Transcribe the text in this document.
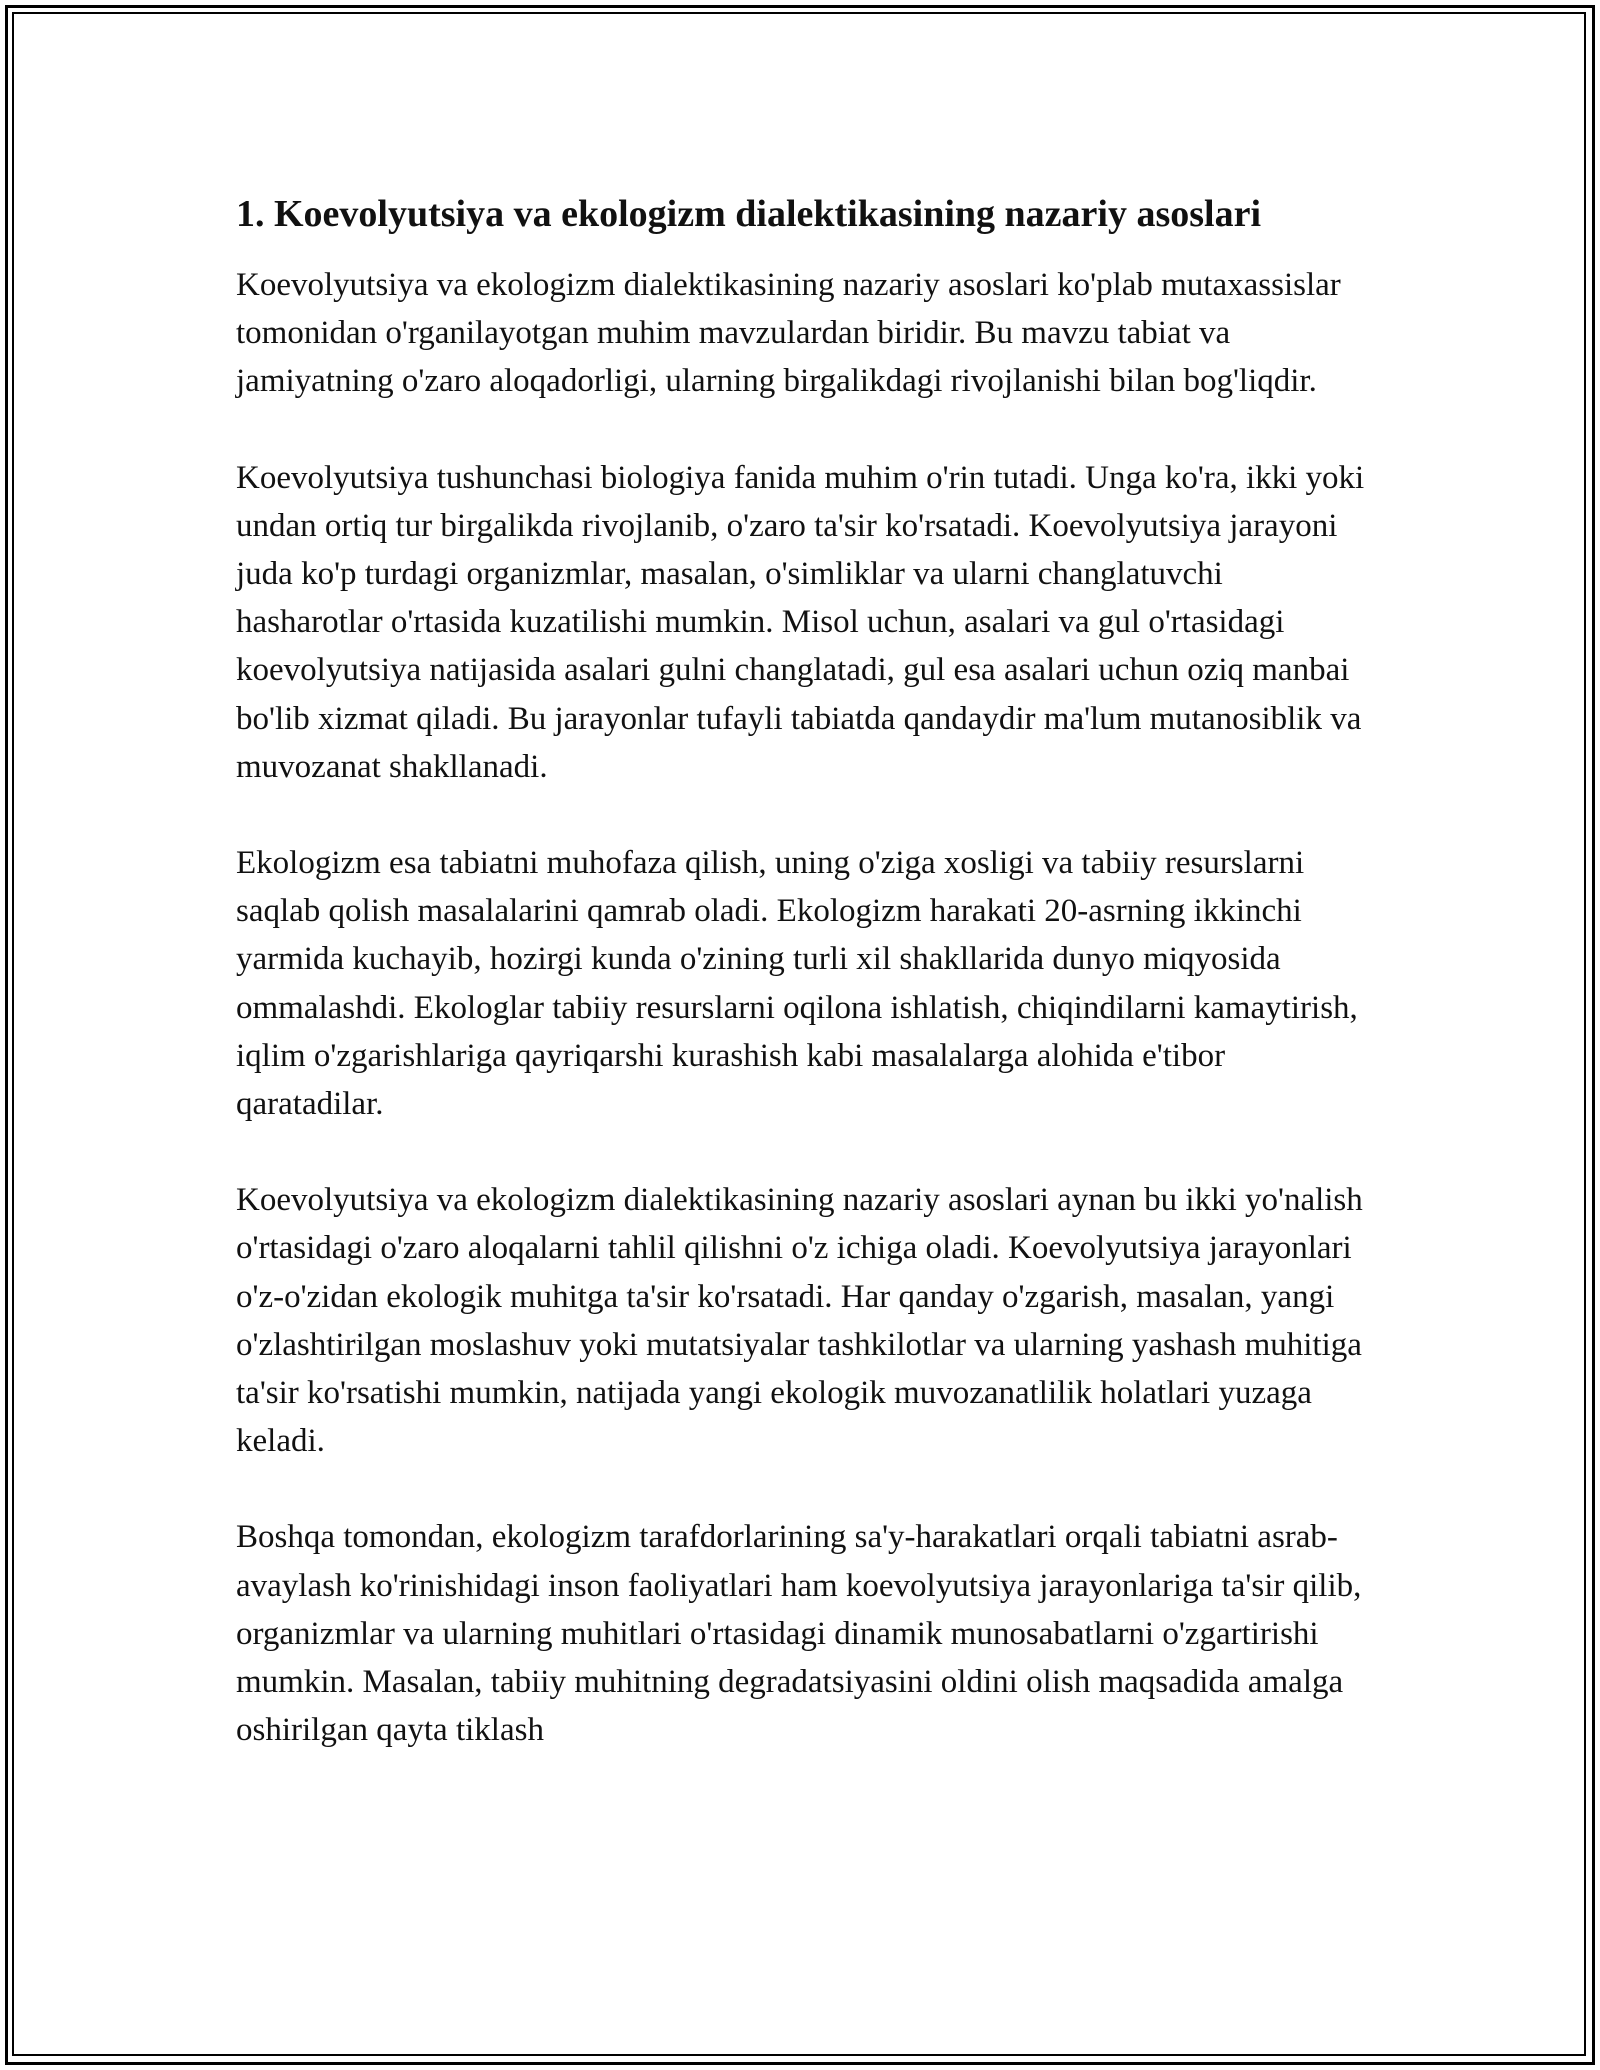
1. Koevolyutsiya va ekologizm dialektikasining nazariy asoslari

Koevolyutsiya va ekologizm dialektikasining nazariy asoslari ko'plab mutaxassislar tomonidan o'rganilayotgan muhim mavzulardan biridir. Bu mavzu tabiat va jamiyatning o'zaro aloqadorligi, ularning birgalikdagi rivojlanishi bilan bog'liqdir.

Koevolyutsiya tushunchasi biologiya fanida muhim o'rin tutadi. Unga ko'ra, ikki yoki undan ortiq tur birgalikda rivojlanib, o'zaro ta'sir ko'rsatadi. Koevolyutsiya jarayoni juda ko'p turdagi organizmlar, masalan, o'simliklar va ularni changlatuvchi hasharotlar o'rtasida kuzatilishi mumkin. Misol uchun, asalari va gul o'rtasidagi koevolyutsiya natijasida asalari gulni changlatadi, gul esa asalari uchun oziq manbai bo'lib xizmat qiladi. Bu jarayonlar tufayli tabiatda qandaydir ma'lum mutanosiblik va muvozanat shakllanadi.

Ekologizm esa tabiatni muhofaza qilish, uning o'ziga xosligi va tabiiy resurslarni saqlab qolish masalalarini qamrab oladi. Ekologizm harakati 20-asrning ikkinchi yarmida kuchayib, hozirgi kunda o'zining turli xil shakllarida dunyo miqyosida ommalashdi. Ekologlar tabiiy resurslarni oqilona ishlatish, chiqindilarni kamaytirish, iqlim o'zgarishlariga qayriqarshi kurashish kabi masalalarga alohida e'tibor qaratadilar.

Koevolyutsiya va ekologizm dialektikasining nazariy asoslari aynan bu ikki yo'nalish o'rtasidagi o'zaro aloqalarni tahlil qilishni o'z ichiga oladi. Koevolyutsiya jarayonlari o'z-o'zidan ekologik muhitga ta'sir ko'rsatadi. Har qanday o'zgarish, masalan, yangi o'zlashtirilgan moslashuv yoki mutatsiyalar tashkilotlar va ularning yashash muhitiga ta'sir ko'rsatishi mumkin, natijada yangi ekologik muvozanatlilik holatlari yuzaga keladi.

Boshqa tomondan, ekologizm tarafdorlarining sa'y-harakatlari orqali tabiatni asrab-avaylash ko'rinishidagi inson faoliyatlari ham koevolyutsiya jarayonlariga ta'sir qilib, organizmlar va ularning muhitlari o'rtasidagi dinamik munosabatlarni o'zgartirishi mumkin. Masalan, tabiiy muhitning degradatsiyasini oldini olish maqsadida amalga oshirilgan qayta tiklash
